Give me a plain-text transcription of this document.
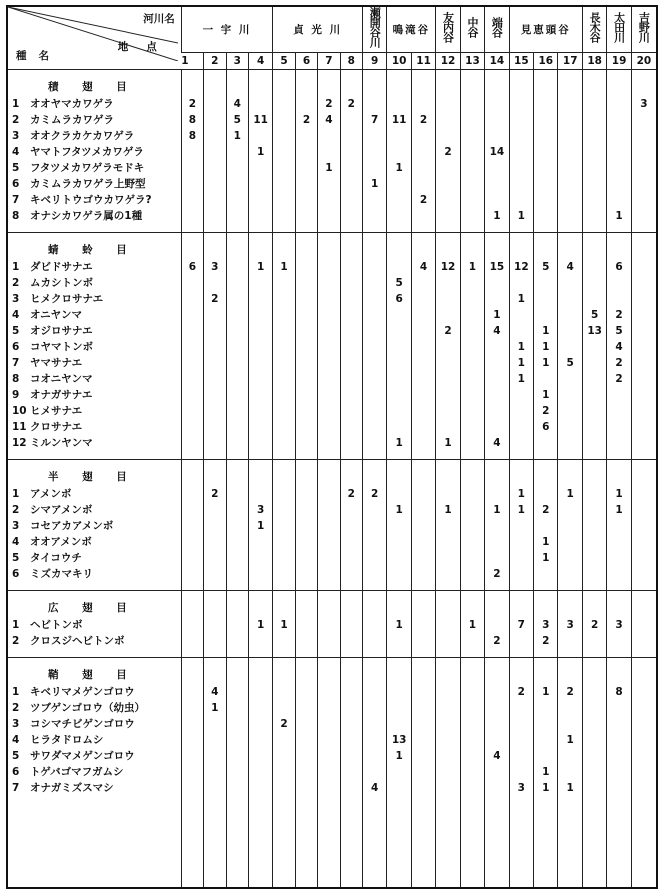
河川名
地点
種名	一 宇 川				貞 光 川				瀬開谷川	鳴滝谷		友内谷	中谷	端谷	見恵頭谷			長木谷	太田川	吉野川
	1	2	3	4	5	6	7	8	9	10	11	12	13	14	15	16	17	18	19	20

積 翅 目																				
1 オオヤマカワゲラ	2		4				2	2												3
2 カミムラカワゲラ	8		5	11		2	4		7	11	2									
3 オオクラカケカワゲラ	8		1																	
4 ヤマトフタツメカワゲラ				1								2		14						
5 フタツメカワゲラモドキ							1			1										
6 カミムラカワゲラ上野型									1											
7 キベリトウゴウカワゲラ?											2									
8 オナシカワゲラ属の1種														1	1				1	

蜻 蛉 目																				
1 ダビドサナエ	6	3		1	1						4	12	1	15	12	5	4		6	
2 ムカシトンボ										5										
3 ヒメクロサナエ		2								6					1					
4 オニヤンマ														1				5	2	
5 オジロサナエ												2		4		1		13	5	
6 コヤマトンボ															1	1			4	
7 ヤマサナエ															1	1	5		2	
8 コオニヤンマ															1				2	
9 オナガサナエ																1				
10 ヒメサナエ																2				
11 クロサナエ																6				
12 ミルンヤンマ										1		1		4						

半 翅 目																				
1 アメンボ		2						2	2						1		1		1	
2 シマアメンボ				3						1		1		1	1	2			1	
3 コセアカアメンボ				1																
4 オオアメンボ																1				
5 タイコウチ																1				
6 ミズカマキリ														2						

広 翅 目																				
1 ヘビトンボ				1	1					1			1		7	3	3	2	3	
2 クロスジヘビトンボ														2		2				

鞘 翅 目																				
1 キベリマメゲンゴロウ		4													2	1	2		8	
2 ツブゲンゴロウ（幼虫）		1																		
3 コシマチビゲンゴロウ					2															
4 ヒラタドロムシ										13							1			
5 サワダマメゲンゴロウ										1				4						
6 トゲバゴマフガムシ																1				
7 オナガミズスマシ									4						3	1	1			
